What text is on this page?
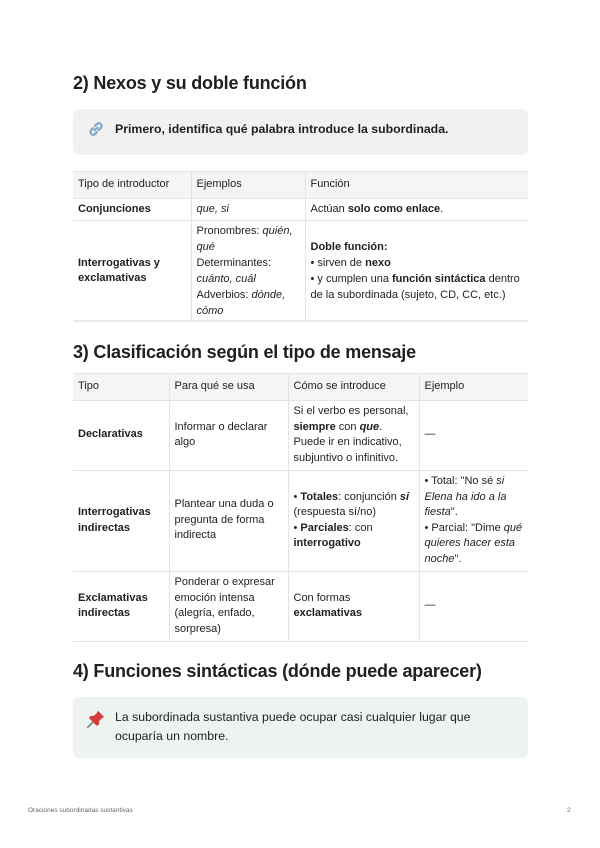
2) Nexos y su doble función
Primero, identifica qué palabra introduce la subordinada.
Tipo de introductor	Ejemplos	Función
Conjunciones	que, si	Actúan solo como enlace.
Interrogativas y exclamativas	Pronombres: quién, qué
Determinantes: cuánto, cuál
Adverbios: dónde, cómo	Doble función:
• sirven de nexo
• y cumplen una función sintáctica dentro de la subordinada (sujeto, CD, CC, etc.)
3) Clasificación según el tipo de mensaje
Tipo	Para qué se usa	Cómo se introduce	Ejemplo
Declarativas	Informar o declarar algo	Si el verbo es personal, siempre con que. Puede ir en indicativo, subjuntivo o infinitivo.	—
Interrogativas indirectas	Plantear una duda o pregunta de forma indirecta	• Totales: conjunción si (respuesta sí/no)
• Parciales: con interrogativo	• Total: "No sé si Elena ha ido a la fiesta".
• Parcial: "Dime qué quieres hacer esta noche".
Exclamativas indirectas	Ponderar o expresar emoción intensa (alegría, enfado, sorpresa)	Con formas exclamativas	—
4) Funciones sintácticas (dónde puede aparecer)
La subordinada sustantiva puede ocupar casi cualquier lugar que ocuparía un nombre.
Oraciones subordinadas sustantivas	2
